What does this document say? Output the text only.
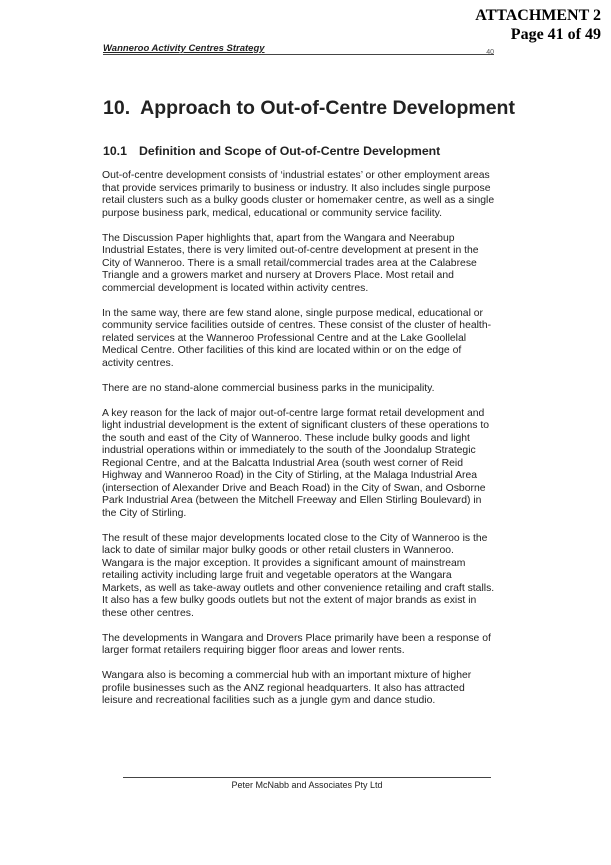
ATTACHMENT 2
Page 41 of 49
Wanneroo Activity Centres Strategy	40
10. Approach to Out-of-Centre Development
10.1 Definition and Scope of Out-of-Centre Development

Out-of-centre development consists of ‘industrial estates’ or other employment areas
that provide services primarily to business or industry. It also includes single purpose
retail clusters such as a bulky goods cluster or homemaker centre, as well as a single
purpose business park, medical, educational or community service facility.

The Discussion Paper highlights that, apart from the Wangara and Neerabup
Industrial Estates, there is very limited out-of-centre development at present in the
City of Wanneroo. There is a small retail/commercial trades area at the Calabrese
Triangle and a growers market and nursery at Drovers Place. Most retail and
commercial development is located within activity centres.

In the same way, there are few stand alone, single purpose medical, educational or
community service facilities outside of centres. These consist of the cluster of health-
related services at the Wanneroo Professional Centre and at the Lake Goollelal
Medical Centre. Other facilities of this kind are located within or on the edge of
activity centres.

There are no stand-alone commercial business parks in the municipality.

A key reason for the lack of major out-of-centre large format retail development and
light industrial development is the extent of significant clusters of these operations to
the south and east of the City of Wanneroo. These include bulky goods and light
industrial operations within or immediately to the south of the Joondalup Strategic
Regional Centre, and at the Balcatta Industrial Area (south west corner of Reid
Highway and Wanneroo Road) in the City of Stirling, at the Malaga Industrial Area
(intersection of Alexander Drive and Beach Road) in the City of Swan, and Osborne
Park Industrial Area (between the Mitchell Freeway and Ellen Stirling Boulevard) in
the City of Stirling.

The result of these major developments located close to the City of Wanneroo is the
lack to date of similar major bulky goods or other retail clusters in Wanneroo.
Wangara is the major exception. It provides a significant amount of mainstream
retailing activity including large fruit and vegetable operators at the Wangara
Markets, as well as take-away outlets and other convenience retailing and craft stalls.
It also has a few bulky goods outlets but not the extent of major brands as exist in
these other centres.

The developments in Wangara and Drovers Place primarily have been a response of
larger format retailers requiring bigger floor areas and lower rents.

Wangara also is becoming a commercial hub with an important mixture of higher
profile businesses such as the ANZ regional headquarters. It also has attracted
leisure and recreational facilities such as a jungle gym and dance studio.

Peter McNabb and Associates Pty Ltd
